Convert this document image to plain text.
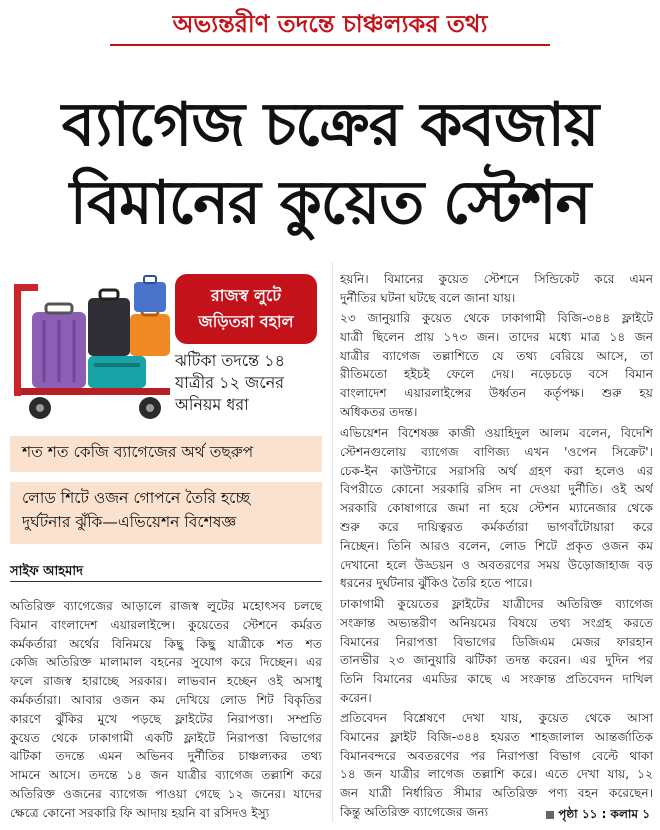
অভ্যন্তরীণ তদন্তে চাঞ্চল্যকর তথ্য
ব্যাগেজ চক্রের কবজায়
বিমানের কুয়েত স্টেশন
রাজস্ব লুটে
জড়িতরা বহাল
ঝটিকা তদন্তে ১৪
যাত্রীর ১২ জনের
অনিয়ম ধরা
শত শত কেজি ব্যাগেজের অর্থ তছরুপ
লোড শিটে ওজন গোপনে তৈরি হচ্ছে
দুর্ঘটনার ঝুঁকি—এভিয়েশন বিশেষজ্ঞ
সাইফ আহমাদ
অতিরিক্ত ব্যাগেজের আড়ালে রাজস্ব লুটের মহোৎসব চলছে
বিমান বাংলাদেশ এয়ারলাইন্সে। কুয়েতের স্টেশনে কর্মরত
কর্মকর্তারা অর্থের বিনিময়ে কিছু কিছু যাত্রীকে শত শত
কেজি অতিরিক্ত মালামাল বহনের সুযোগ করে দিচ্ছেন। এর
ফলে রাজস্ব হারাচ্ছে সরকার। লাভবান হচ্ছেন ওই অসাধু
কর্মকর্তারা। আবার ওজন কম দেখিয়ে লোড শিট বিকৃতির
কারণে ঝুঁকির মুখে পড়ছে ফ্লাইটের নিরাপত্তা। সম্প্রতি
কুয়েত থেকে ঢাকাগামী একটি ফ্লাইটে নিরাপত্তা বিভাগের
ঝটিকা তদন্তে এমন অভিনব দুর্নীতির চাঞ্চল্যকর তথ্য
সামনে আসে। তদন্তে ১৪ জন যাত্রীর ব্যাগেজ তল্লাশি করে
অতিরিক্ত ওজনের ব্যাগেজ পাওয়া গেছে ১২ জনের। যাদের
ক্ষেত্রে কোনো সরকারি ফি আদায় হয়নি বা রসিদও ইস্যু
হয়নি। বিমানের কুয়েত স্টেশনে সিন্ডিকেট করে এমন
দুর্নীতির ঘটনা ঘটছে বলে জানা যায়।
২৩ জানুয়ারি কুয়েত থেকে ঢাকাগামী বিজি-৩৪৪ ফ্লাইটে
যাত্রী ছিলেন প্রায় ১৭৩ জন। তাদের মধ্যে মাত্র ১৪ জন
যাত্রীর ব্যাগেজ তল্লাশিতে যে তথ্য বেরিয়ে আসে, তা
রীতিমতো হইচই ফেলে দেয়। নড়েচড়ে বসে বিমান
বাংলাদেশ এয়ারলাইন্সের উর্ধ্বতন কর্তৃপক্ষ। শুরু হয়
অধিকতর তদন্ত।
এভিয়েশন বিশেষজ্ঞ কাজী ওয়াহিদুল আলম বলেন, বিদেশি
স্টেশনগুলোয় ব্যাগেজ বাণিজ্য এখন 'ওপেন সিক্রেট'।
চেক-ইন কাউন্টারে সরাসরি অর্থ গ্রহণ করা হলেও এর
বিপরীতে কোনো সরকারি রসিদ না দেওয়া দুর্নীতি। ওই অর্থ
সরকারি কোষাগারে জমা না হয়ে স্টেশন ম্যানেজার থেকে
শুরু করে দায়িত্বরত কর্মকর্তারা ভাগবাঁটোয়ারা করে
নিচ্ছেন। তিনি আরও বলেন, লোড শিটে প্রকৃত ওজন কম
দেখানো হলে উড্ডয়ন ও অবতরণের সময় উড়োজাহাজ বড়
ধরনের দুর্ঘটনার ঝুঁকিও তৈরি হতে পারে।
ঢাকাগামী কুয়েতের ফ্লাইটের যাত্রীদের অতিরিক্ত ব্যাগেজ
সংক্রান্ত অভ্যন্তরীণ অনিয়মের বিষয়ে তথ্য সংগ্রহ করতে
বিমানের নিরাপত্তা বিভাগের ডিজিএম মেজর ফারহান
তানভীর ২৩ জানুয়ারি ঝটিকা তদন্ত করেন। এর দুদিন পর
তিনি বিমানের এমডির কাছে এ সংক্রান্ত প্রতিবেদন দাখিল
করেন।
প্রতিবেদন বিশ্লেষণে দেখা যায়, কুয়েত থেকে আসা
বিমানের ফ্লাইট বিজি-৩৪৪ হযরত শাহজালাল আন্তর্জাতিক
বিমানবন্দরে অবতরণের পর নিরাপত্তা বিভাগ বেল্টে থাকা
১৪ জন যাত্রীর লাগেজ তল্লাশি করে। এতে দেখা যায়, ১২
জন যাত্রী নির্ধারিত সীমার অতিরিক্ত পণ্য বহন করেছেন।
কিন্তু অতিরিক্ত ব্যাগেজের জন্য	পৃষ্ঠা ১১ : কলাম ১
